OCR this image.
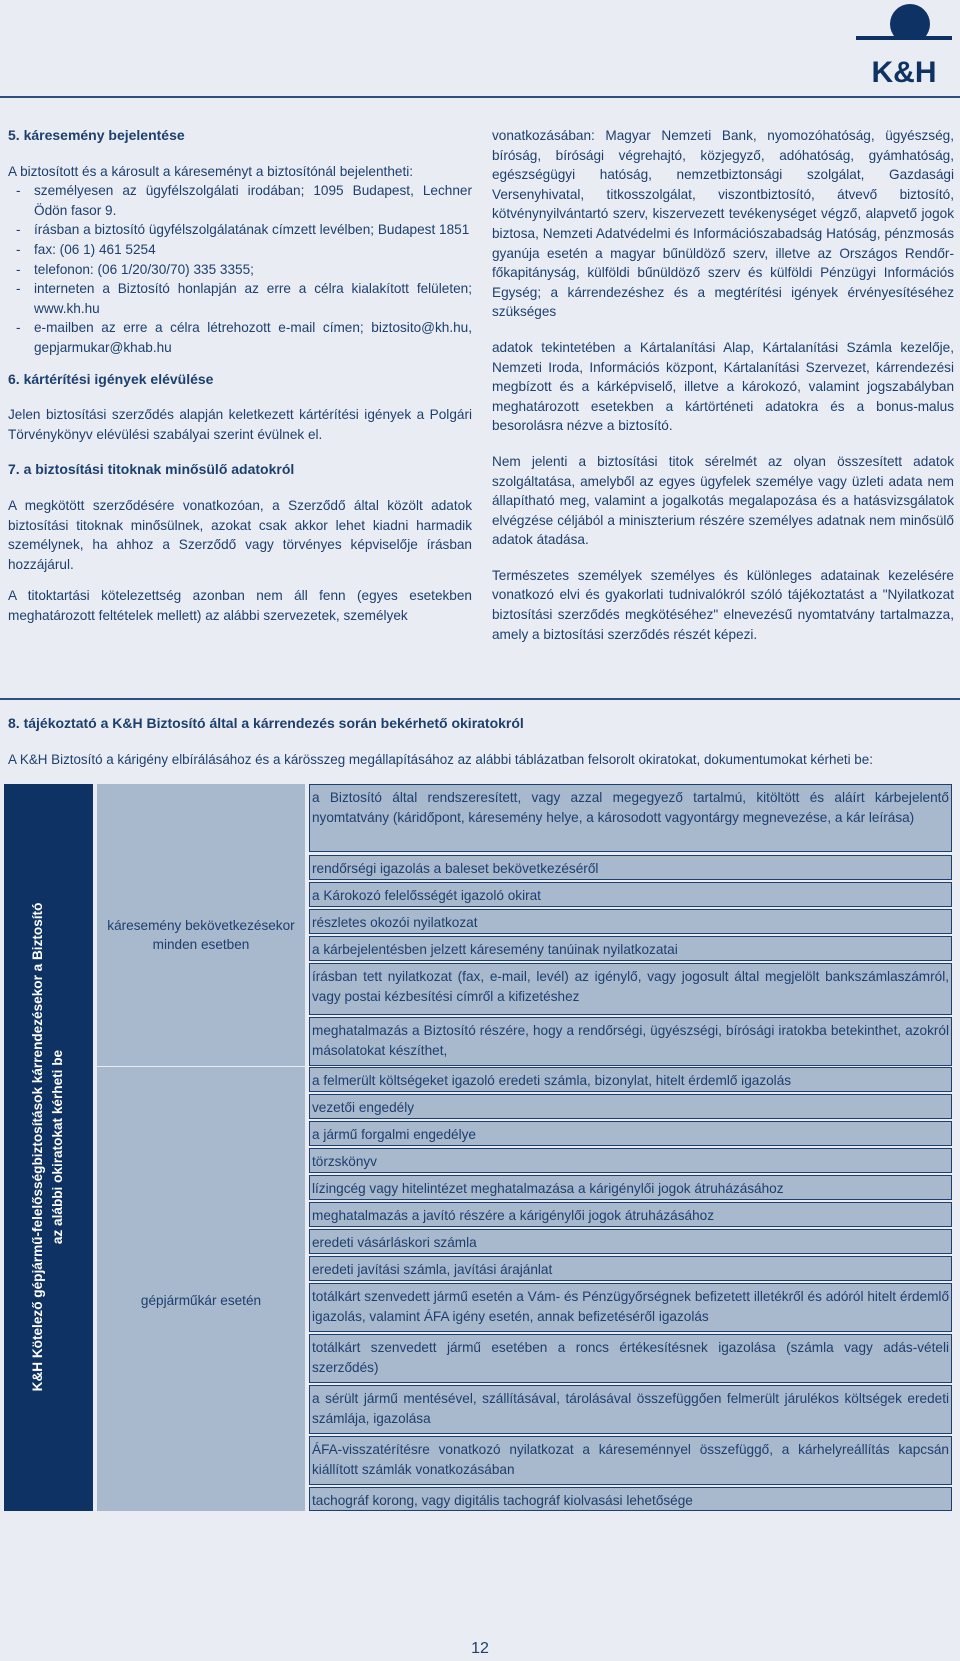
K&H

5. káresemény bejelentése

A biztosított és a károsult a káreseményt a biztosítónál bejelentheti:

- személyesen az ügyfélszolgálati irodában; 1095 Budapest, Lechner Ödön fasor 9.
- írásban a biztosító ügyfélszolgálatának címzett levélben; Budapest 1851
- fax: (06 1) 461 5254
- telefonon: (06 1/20/30/70) 335 3355;
- interneten a Biztosító honlapján az erre a célra kialakított felületen; www.kh.hu
- e-mailben az erre a célra létrehozott e-mail címen; biztosito@kh.hu, gepjarmukar@khab.hu

6. kártérítési igények elévülése

Jelen biztosítási szerződés alapján keletkezett kártérítési igények a Polgári Törvénykönyv elévülési szabályai szerint évülnek el.

7. a biztosítási titoknak minősülő adatokról

A megkötött szerződésére vonatkozóan, a Szerződő által közölt adatok biztosítási titoknak minősülnek, azokat csak akkor lehet kiadni harmadik személynek, ha ahhoz a Szerződő vagy törvényes képviselője írásban hozzájárul.

A titoktartási kötelezettség azonban nem áll fenn (egyes esetekben meghatározott feltételek mellett) az alábbi szervezetek, személyek

vonatkozásában: Magyar Nemzeti Bank, nyomozóhatóság, ügyészség, bíróság, bírósági végrehajtó, közjegyző, adóhatóság, gyámhatóság, egészségügyi hatóság, nemzetbiztonsági szolgálat, Gazdasági Versenyhivatal, titkosszolgálat, viszontbiztosító, átvevő biztosító, kötvénynyilvántartó szerv, kiszervezett tevékenységet végző, alapvető jogok biztosa, Nemzeti Adatvédelmi és Információszabadság Hatóság, pénzmosás gyanúja esetén a magyar bűnüldöző szerv, illetve az Országos Rendőr-főkapitányság, külföldi bűnüldöző szerv és külföldi Pénzügyi Információs Egység; a kárrendezéshez és a megtérítési igények érvényesítéséhez szükséges

adatok tekintetében a Kártalanítási Alap, Kártalanítási Számla kezelője, Nemzeti Iroda, Információs központ, Kártalanítási Szervezet, kárrendezési megbízott és a kárképviselő, illetve a károkozó, valamint jogszabályban meghatározott esetekben a kártörténeti adatokra és a bonus-malus besorolásra nézve a biztosító.

Nem jelenti a biztosítási titok sérelmét az olyan összesített adatok szolgáltatása, amelyből az egyes ügyfelek személye vagy üzleti adata nem állapítható meg, valamint a jogalkotás megalapozása és a hatásvizsgálatok elvégzése céljából a miniszterium részére személyes adatnak nem minősülő adatok átadása.

Természetes személyek személyes és különleges adatainak kezelésére vonatkozó elvi és gyakorlati tudnivalókról szóló tájékoztatást a "Nyilatkozat biztosítási szerződés megkötéséhez" elnevezésű nyomtatvány tartalmazza, amely a biztosítási szerződés részét képezi.

8. tájékoztató a K&H Biztosító által a kárrendezés során bekérhető okiratokról
A K&H Biztosító a kárigény elbírálásához és a kárösszeg megállapításához az alábbi táblázatban felsorolt okiratokat, dokumentumokat kérheti be:
K&H Kötelező gépjármű-felelősségbiztosítások kárrendezésekor a Biztosító az alábbi okiratokat kérheti be
káresemény bekövetkezésekor minden esetben
gépjárműkár esetén
a Biztosító által rendszeresített, vagy azzal megegyező tartalmú, kitöltött és aláírt kárbejelentő nyomtatvány (káridőpont, káresemény helye, a károsodott vagyontárgy megnevezése, a kár leírása)
rendőrségi igazolás a baleset bekövetkezéséről
a Károkozó felelősségét igazoló okirat
részletes okozói nyilatkozat
a kárbejelentésben jelzett káresemény tanúinak nyilatkozatai
írásban tett nyilatkozat (fax, e-mail, levél) az igénylő, vagy jogosult által megjelölt bankszámlaszámról, vagy postai kézbesítési címről a kifizetéshez
meghatalmazás a Biztosító részére, hogy a rendőrségi, ügyészségi, bírósági iratokba betekinthet, azokról másolatokat készíthet,
a felmerült költségeket igazoló eredeti számla, bizonylat, hitelt érdemlő igazolás
vezetői engedély
a jármű forgalmi engedélye
törzskönyv
lízingcég vagy hitelintézet meghatalmazása a kárigénylői jogok átruházásához
meghatalmazás a javító részére a kárigénylői jogok átruházásához
eredeti vásárláskori számla
eredeti javítási számla, javítási árajánlat
totálkárt szenvedett jármű esetén a Vám- és Pénzügyőrségnek befizetett illetékről és adóról hitelt érdemlő igazolás, valamint ÁFA igény esetén, annak befizetéséről igazolás
totálkárt szenvedett jármű esetében a roncs értékesítésnek igazolása (számla vagy adás-vételi szerződés)
a sérült jármű mentésével, szállításával, tárolásával összefüggően felmerült járulékos költségek eredeti számlája, igazolása
ÁFA-visszatérítésre vonatkozó nyilatkozat a káreseménnyel összefüggő, a kárhelyreállítás kapcsán kiállított számlák vonatkozásában
tachográf korong, vagy digitális tachográf kiolvasási lehetősége
12
